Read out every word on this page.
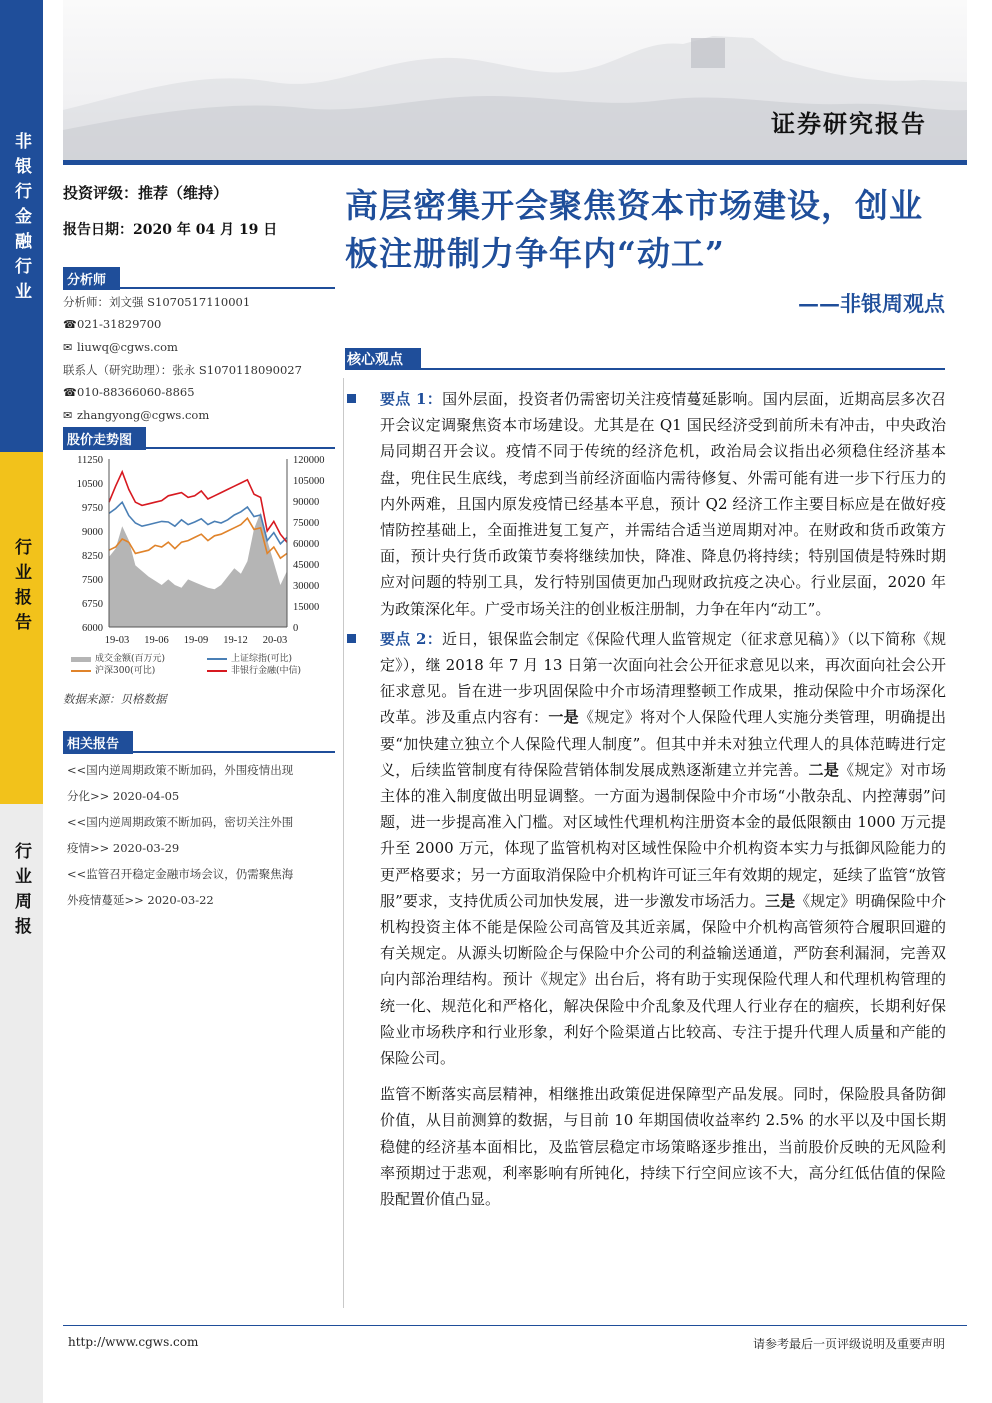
非银行金融行业
行业报告
行业周报
证券研究报告
投资评级：推荐（维持）
报告日期：2020 年 04 月 19 日
分析师
分析师：刘文强 S1070517110001
☎021-31829700
✉ liuwq@cgws.com
联系人（研究助理）：张永 S1070118090027
☎010-88366060-8865
✉ zhangyong@cgws.com
股价走势图
11250
10500
9750
9000
8250
7500
6750
6000
120000
105000
90000
75000
60000
45000
30000
15000
0
19-03 19-06 19-09 19-12 20-03
成交金额(百万元)	上证综指(可比)
沪深300(可比)	非银行金融(中信)
数据来源：贝格数据
相关报告
<<国内逆周期政策不断加码，外围疫情出现
分化>> 2020-04-05
<<国内逆周期政策不断加码，密切关注外围
疫情>> 2020-03-29
<<监管召开稳定金融市场会议，仍需聚焦海
外疫情蔓延>> 2020-03-22
高层密集开会聚焦资本市场建设，创业
板注册制力争年内“动工”
——非银周观点
核心观点
要点 1：国外层面，投资者仍需密切关注疫情蔓延影响。国内层面，近期高层多次召开会议定调聚焦资本市场建设。尤其是在 Q1 国民经济受到前所未有冲击，中央政治局同期召开会议。疫情不同于传统的经济危机，政治局会议指出必须稳住经济基本盘，兜住民生底线，考虑到当前经济面临内需待修复、外需可能有进一步下行压力的内外两难，且国内原发疫情已经基本平息，预计 Q2 经济工作主要目标应是在做好疫情防控基础上，全面推进复工复产，并需结合适当逆周期对冲。在财政和货币政策方面，预计央行货币政策节奏将继续加快，降准、降息仍将持续；特别国债是特殊时期应对问题的特别工具，发行特别国债更加凸现财政抗疫之决心。行业层面，2020 年为政策深化年。广受市场关注的创业板注册制，力争在年内“动工”。
要点 2：近日，银保监会制定《保险代理人监管规定（征求意见稿）》（以下简称《规定》），继 2018 年 7 月 13 日第一次面向社会公开征求意见以来，再次面向社会公开征求意见。旨在进一步巩固保险中介市场清理整顿工作成果，推动保险中介市场深化改革。涉及重点内容有：一是《规定》将对个人保险代理人实施分类管理，明确提出要“加快建立独立个人保险代理人制度”。但其中并未对独立代理人的具体范畴进行定义，后续监管制度有待保险营销体制发展成熟逐渐建立并完善。二是《规定》对市场主体的准入制度做出明显调整。一方面为遏制保险中介市场“小散杂乱、内控薄弱”问题，进一步提高准入门槛。对区域性代理机构注册资本金的最低限额由 1000 万元提升至 2000 万元，体现了监管机构对区域性保险中介机构资本实力与抵御风险能力的更严格要求；另一方面取消保险中介机构许可证三年有效期的规定，延续了监管“放管服”要求，支持优质公司加快发展，进一步激发市场活力。三是《规定》明确保险中介机构投资主体不能是保险公司高管及其近亲属，保险中介机构高管须符合履职回避的有关规定。从源头切断险企与保险中介公司的利益输送通道，严防套利漏洞，完善双向内部治理结构。预计《规定》出台后，将有助于实现保险代理人和代理机构管理的统一化、规范化和严格化，解决保险中介乱象及代理人行业存在的痼疾，长期利好保险业市场秩序和行业形象，利好个险渠道占比较高、专注于提升代理人质量和产能的保险公司。
监管不断落实高层精神，相继推出政策促进保障型产品发展。同时，保险股具备防御价值，从目前测算的数据，与目前 10 年期国债收益率约 2.5% 的水平以及中国长期稳健的经济基本面相比，及监管层稳定市场策略逐步推出，当前股价反映的无风险利率预期过于悲观，利率影响有所钝化，持续下行空间应该不大，高分红低估值的保险股配置价值凸显。
http://www.cgws.com	请参考最后一页评级说明及重要声明
